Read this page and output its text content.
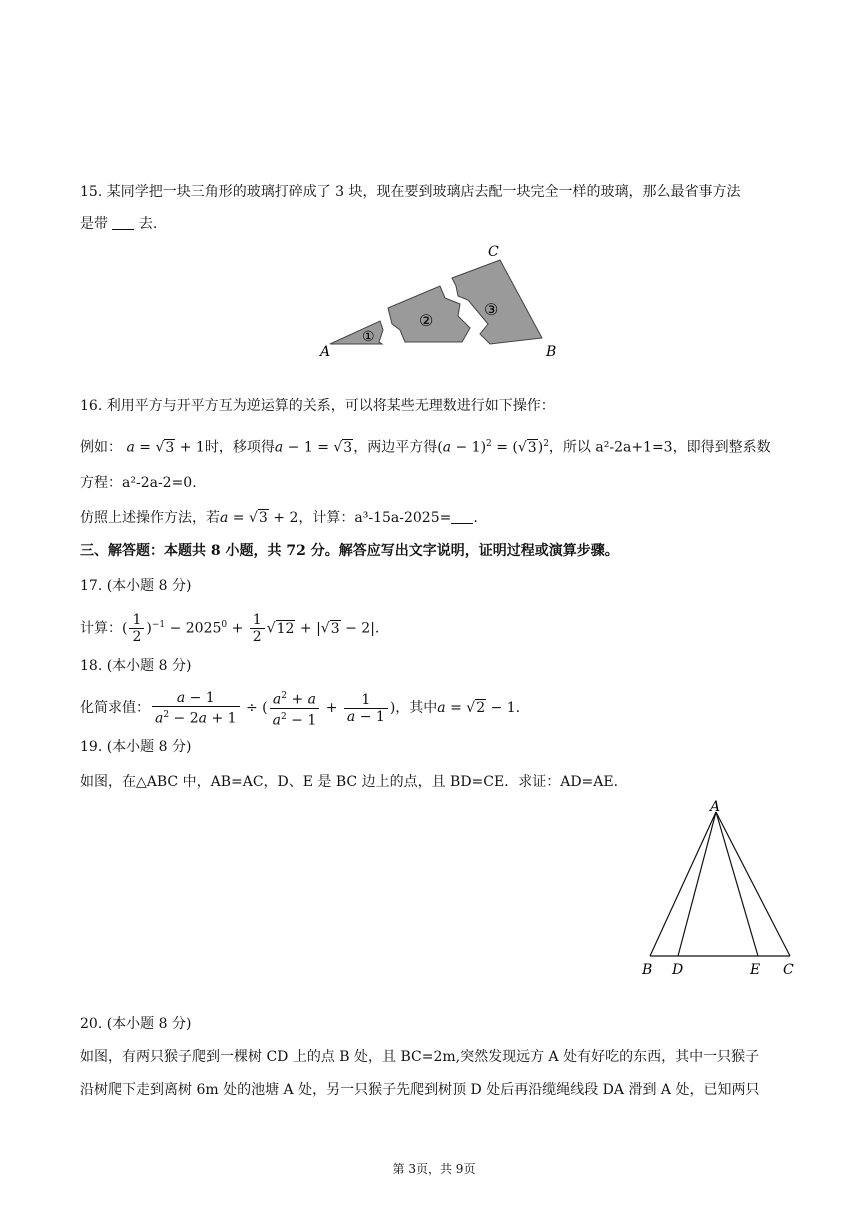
15. 某同学把一块三角形的玻璃打碎成了 3 块，现在要到玻璃店去配一块完全一样的玻璃，那么最省事方法
是带 去.
A	B
C
①
②
③
16. 利用平方与开平方互为逆运算的关系，可以将某些无理数进行如下操作：
例如： a = √3 + 1时，移项得a − 1 = √3，两边平方得$(a - 1)^2 = (√3)^2$，所以 a²-2a+1=3，即得到整系数
方程：a²-2a-2=0.
仿照上述操作方法，若a = √3 + 2，计算：a³-15a-2025= .
三、解答题：本题共 8 小题，共 72 分。解答应写出文字说明，证明过程或演算步骤。
17. (本小题 8 分)
计算：( $\frac{1}{2} )^{-1} - 2025^0 + \frac{1}{2} √12 + |√3 - 2|$.
18. (本小题 8 分)
化简求值： $\frac{a - 1}{a^2 - 2a + 1}$ ÷ ( $\frac{a^2 + a}{a^2 - 1} + \frac{1}{a - 1}$ )，其中a = √2 − 1.
19. (本小题 8 分)
如图，在△ABC 中，AB=AC，D、E 是 BC 边上的点，且 BD=CE．求证：AD=AE．
A
B D	E C
20. (本小题 8 分)
如图，有两只猴子爬到一棵树 CD 上的点 B 处，且 BC=2m,突然发现远方 A 处有好吃的东西，其中一只猴子
沿树爬下走到离树 6m 处的池塘 A 处，另一只猴子先爬到树顶 D 处后再沿缆绳线段 DA 滑到 A 处，已知两只
第 3页，共 9页
